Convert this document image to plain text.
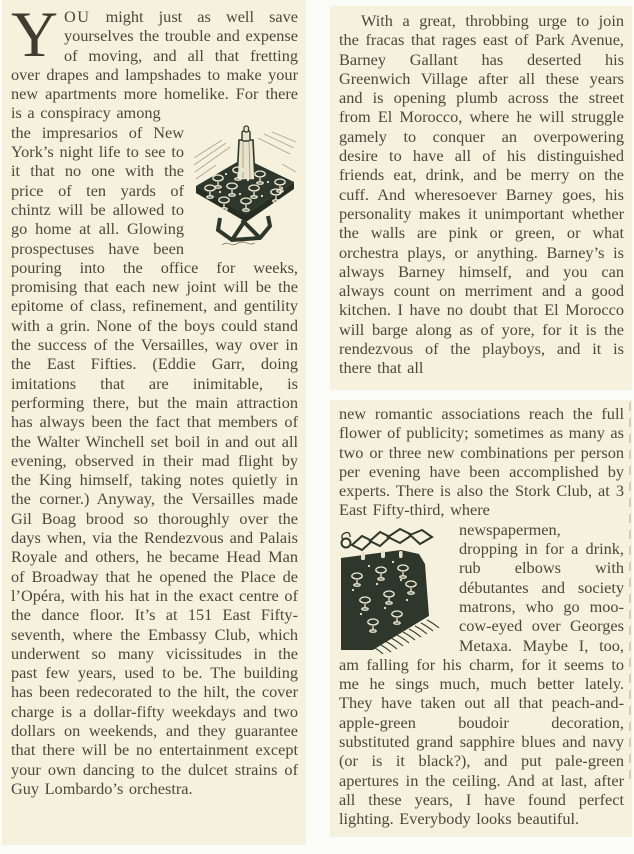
YOU might just as well save yourselves the trouble and expense of moving, and all that fretting over drapes and lampshades to make your new apartments more homelike. For there is a conspiracy among

the impresarios of New York’s night life to see to it that no one with the price of ten yards of chintz will be allowed to go home at all. Glowing prospectuses have been pouring into the office for weeks, promising that each new joint will be the epitome of class, refinement, and gentility with a grin. None of the boys could stand the success of the Versailles, way over in the East Fifties. (Eddie Garr, doing imitations that are inimitable, is performing there, but the main attraction has always been the fact that members of the Walter Winchell set boil in and out all evening, observed in their mad flight by the King himself, taking notes quietly in the corner.) Anyway, the Versailles made Gil Boag brood so thoroughly over the days when, via the Rendezvous and Palais Royale and others, he became Head Man of Broadway that he opened the Place de l’Opéra, with his hat in the exact centre of the dance floor. It’s at 151 East Fifty-seventh, where the Embassy Club, which underwent so many vicissitudes in the past few years, used to be. The building has been redecorated to the hilt, the cover charge is a dollar-fifty weekdays and two dollars on weekends, and they guarantee that there will be no entertainment except your own dancing to the dulcet strains of Guy Lombardo’s orchestra.

With a great, throbbing urge to join the fracas that rages east of Park Avenue, Barney Gallant has deserted his Greenwich Village after all these years and is opening plumb across the street from El Morocco, where he will struggle gamely to conquer an overpowering desire to have all of his distinguished friends eat, drink, and be merry on the cuff. And wheresoever Barney goes, his personality makes it unimportant whether the walls are pink or green, or what orchestra plays, or anything. Barney’s is always Barney himself, and you can always count on merriment and a good kitchen. I have no doubt that El Morocco will barge along as of yore, for it is the rendezvous of the playboys, and it is there that all

new romantic associations reach the full flower of publicity; sometimes as many as two or three new combinations per person per evening have been accomplished by experts. There is also the Stork Club, at 3 East Fifty-third, where

newspapermen, dropping in for a drink, rub elbows with débutantes and society matrons, who go moo-cow-eyed over Georges Metaxa. Maybe I, too, am falling for his charm, for it seems to me he sings much, much better lately. They have taken out all that peach-and-apple-green boudoir decoration, substituted grand sapphire blues and navy (or is it black?), and put pale-green apertures in the ceiling. And at last, after all these years, I have found perfect lighting. Everybody looks beautiful.
